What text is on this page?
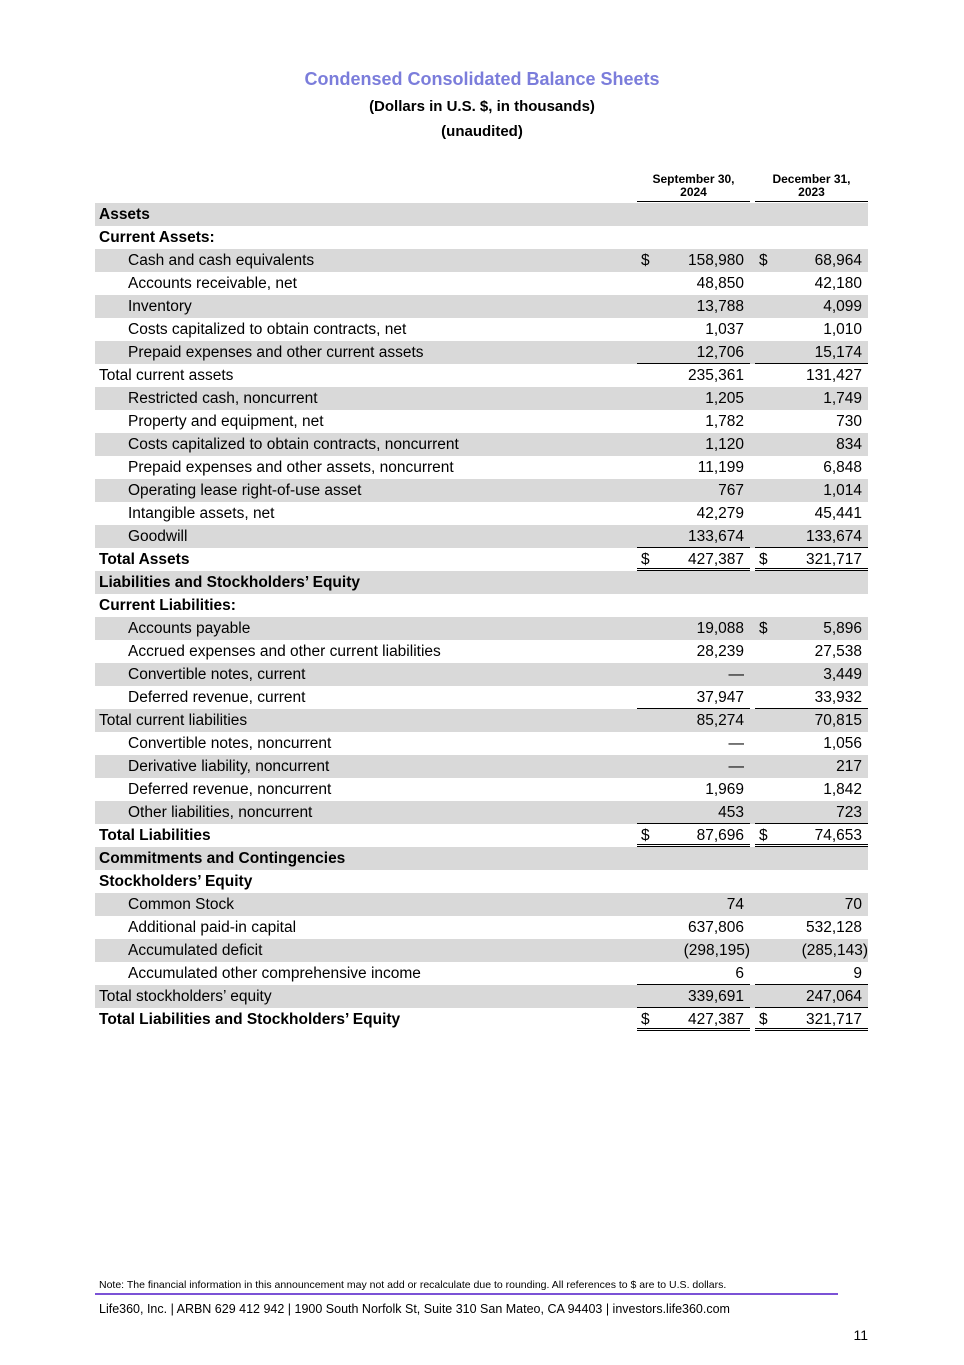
Condensed Consolidated Balance Sheets
(Dollars in U.S. $, in thousands)
(unaudited)
September 30,
2024
December 31,
2023
Assets
Current Assets:
Cash and cash equivalents	$ 158,980 $	68,964
Accounts receivable, net	48,850	42,180
Inventory	13,788	4,099
Costs capitalized to obtain contracts, net	1,037	1,010
Prepaid expenses and other current assets	12,706	15,174
Total current assets	235,361	131,427
Restricted cash, noncurrent	1,205	1,749
Property and equipment, net	1,782	730
Costs capitalized to obtain contracts, noncurrent	1,120	834
Prepaid expenses and other assets, noncurrent	11,199	6,848
Operating lease right-of-use asset	767	1,014
Intangible assets, net	42,279	45,441
Goodwill	133,674	133,674
Total Assets	$ 427,387 $ 321,717
Liabilities and Stockholders’ Equity
Current Liabilities:
Accounts payable	19,088 $	5,896
Accrued expenses and other current liabilities	28,239	27,538
Convertible notes, current	—	3,449
Deferred revenue, current	37,947	33,932
Total current liabilities	85,274	70,815
Convertible notes, noncurrent	—	1,056
Derivative liability, noncurrent	—	217
Deferred revenue, noncurrent	1,969	1,842
Other liabilities, noncurrent	453	723
Total Liabilities	$	87,696 $	74,653
Commitments and Contingencies
Stockholders’ Equity
Common Stock	74	70
Additional paid-in capital	637,806	532,128
Accumulated deficit	(298,195)	(285,143)
Accumulated other comprehensive income	6	9
Total stockholders’ equity	339,691	247,064
Total Liabilities and Stockholders’ Equity	$ 427,387 $ 321,717
Note: The financial information in this announcement may not add or recalculate due to rounding. All references to $ are to U.S. dollars.
Life360, Inc. | ARBN 629 412 942 | 1900 South Norfolk St, Suite 310 San Mateo, CA 94403 | investors.life360.com
11
